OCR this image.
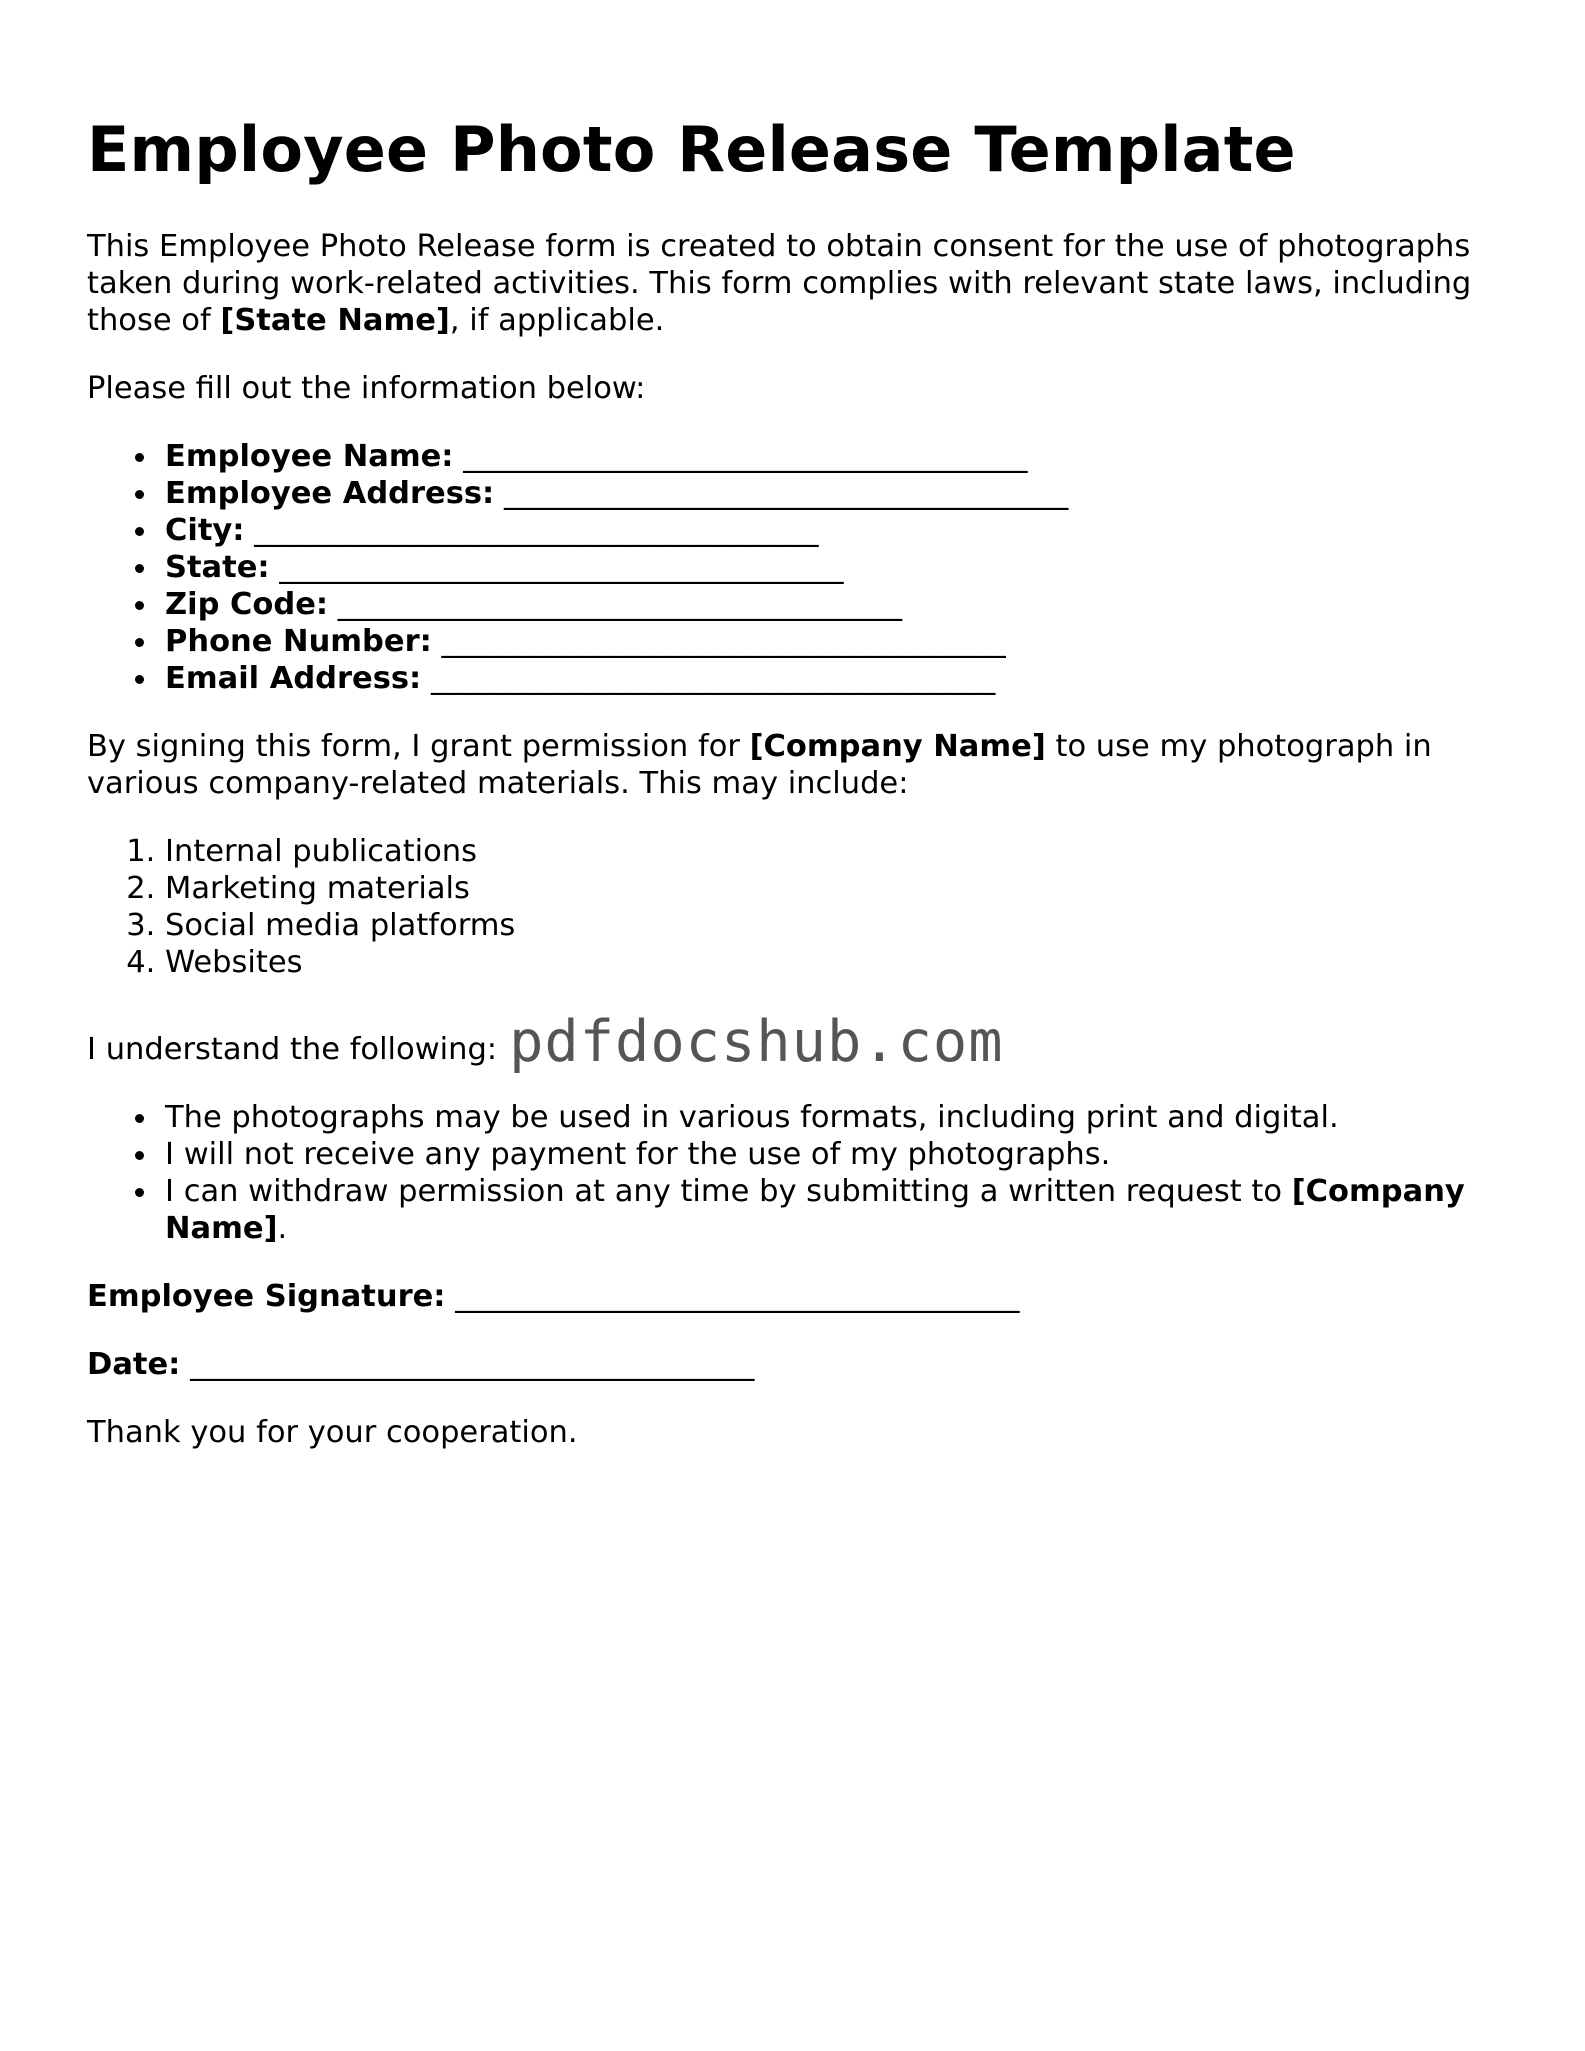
Employee Photo Release Template

This Employee Photo Release form is created to obtain consent for the use of photographs taken during work-related activities. This form complies with relevant state laws, including those of [State Name], if applicable.

Please fill out the information below:

Employee Name: _____________________________________
Employee Address: _____________________________________
City: _____________________________________
State: _____________________________________
Zip Code: _____________________________________
Phone Number: _____________________________________
Email Address: _____________________________________

By signing this form, I grant permission for [Company Name] to use my photograph in various company-related materials. This may include:

1. Internal publications
2. Marketing materials
3. Social media platforms
4. Websites
I understand the following: pdfdocshub.com
The photographs may be used in various formats, including print and digital.
I will not receive any payment for the use of my photographs.
I can withdraw permission at any time by submitting a written request to [Company Name].

Employee Signature: _____________________________________

Date: _____________________________________

Thank you for your cooperation.
